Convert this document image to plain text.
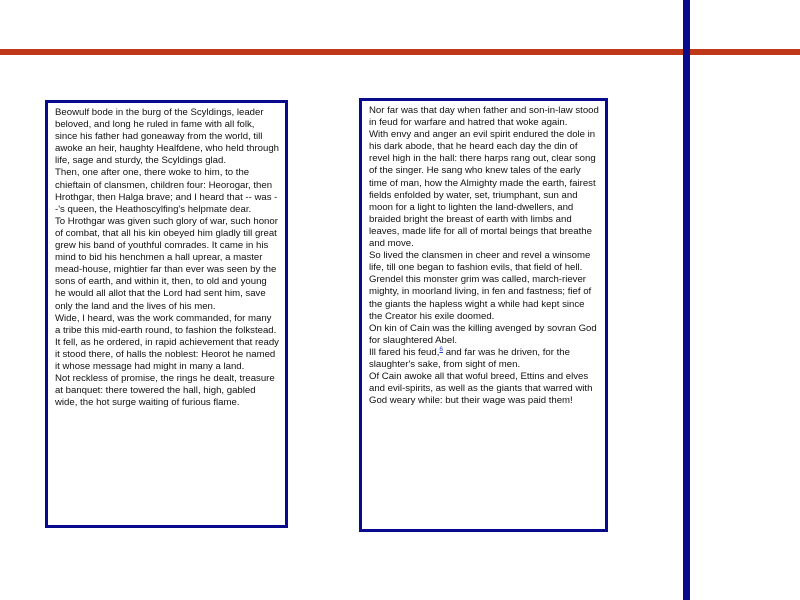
Beowulf bode in the burg of the Scyldings, leader beloved, and long he ruled in fame with all folk, since his father had goneaway from the world, till awoke an heir, haughty Healfdene, who held through life, sage and sturdy, the Scyldings glad.

Then, one after one, there woke to him, to the chieftain of clansmen, children four: Heorogar, then Hrothgar, then Halga brave; and I heard that -- was --'s queen, the Heathoscylfing's helpmate dear.

To Hrothgar was given such glory of war, such honor of combat, that all his kin obeyed him gladly till great grew his band of youthful comrades. It came in his mind to bid his henchmen a hall uprear, a master mead-house, mightier far than ever was seen by the sons of earth, and within it, then, to old and young he would all allot that the Lord had sent him, save only the land and the lives of his men.

Wide, I heard, was the work commanded, for many a tribe this mid-earth round, to fashion the folkstead. It fell, as he ordered, in rapid achievement that ready it stood there, of halls the noblest: Heorot he named it whose message had might in many a land.

Not reckless of promise, the rings he dealt, treasure at banquet: there towered the hall, high, gabled wide, the hot surge waiting of furious flame.

Nor far was that day when father and son-in-law stood in feud for warfare and hatred that woke again.

With envy and anger an evil spirit endured the dole in his dark abode, that he heard each day the din of revel high in the hall: there harps rang out, clear song of the singer. He sang who knew tales of the early time of man, how the Almighty made the earth, fairest fields enfolded by water, set, triumphant, sun and moon for a light to lighten the land-dwellers, and braided bright the breast of earth with limbs and leaves, made life for all of mortal beings that breathe and move.

So lived the clansmen in cheer and revel a winsome life, till one began to fashion evils, that field of hell.

Grendel this monster grim was called, march-riever mighty, in moorland living, in fen and fastness; fief of the giants the hapless wight a while had kept since the Creator his exile doomed.

On kin of Cain was the killing avenged by sovran God for slaughtered Abel.

Ill fared his feud,$^6$ and far was he driven, for the slaughter's sake, from sight of men.

Of Cain awoke all that woful breed, Ettins and elves and evil-spirits, as well as the giants that warred with God weary while: but their wage was paid them!
